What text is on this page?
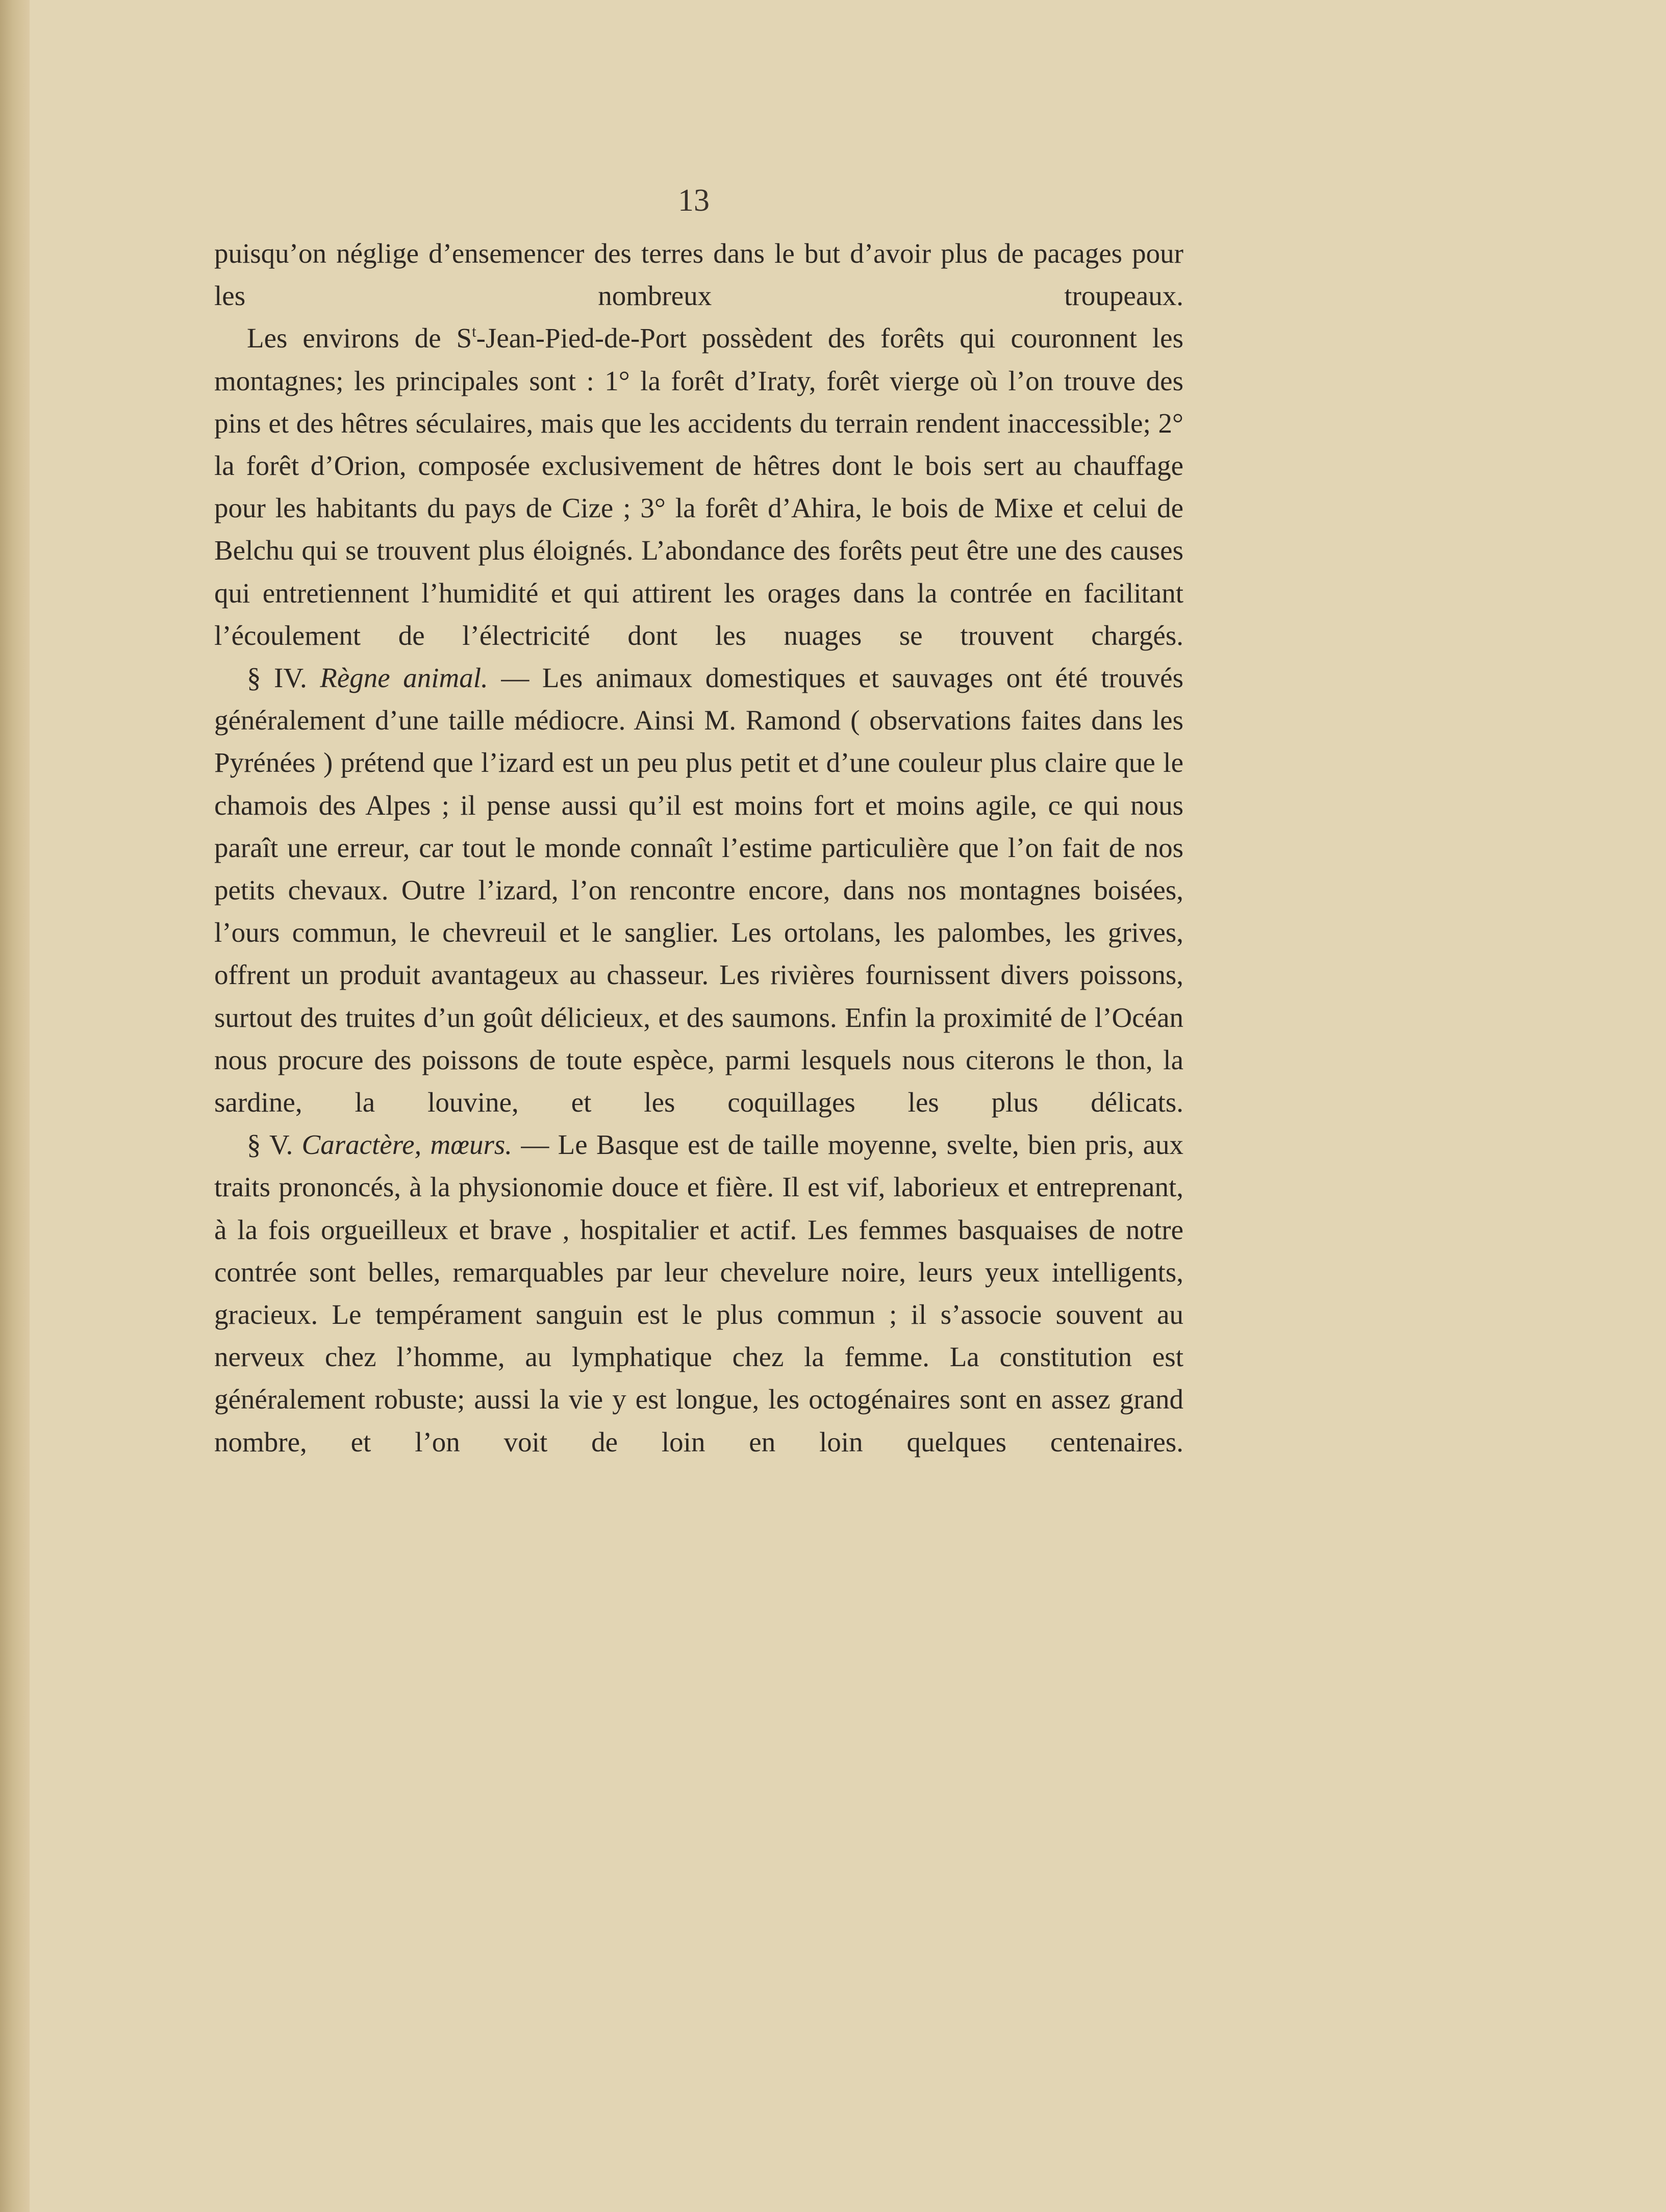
13

puisqu’on néglige d’ensemencer des terres dans le but d’avoir plus de pacages pour les nombreux troupeaux.

Les environs de $S^t-Jean-Pied-de$-Port possèdent des forêts qui couronnent les montagnes; les principales sont : 1° la forêt d’Iraty, forêt vierge où l’on trouve des pins et des hêtres séculaires, mais que les accidents du terrain rendent inaccessible; 2° la forêt d’Orion, composée exclusivement de hêtres dont le bois sert au chauffage pour les habitants du pays de Cize ; 3° la forêt d’Ahira, le bois de Mixe et celui de Belchu qui se trouvent plus éloignés. L’abondance des forêts peut être une des causes qui entretiennent l’humidité et qui attirent les orages dans la contrée en facilitant l’écoulement de l’électricité dont les nuages se trouvent chargés.

§ IV. Règne animal. — Les animaux domestiques et sauvages ont été trouvés généralement d’une taille médiocre. Ainsi M. Ramond ( observations faites dans les Pyrénées ) prétend que l’izard est un peu plus petit et d’une couleur plus claire que le chamois des Alpes ; il pense aussi qu’il est moins fort et moins agile, ce qui nous paraît une erreur, car tout le monde connaît l’estime particulière que l’on fait de nos petits chevaux. Outre l’izard, l’on rencontre encore, dans nos montagnes boisées, l’ours commun, le chevreuil et le sanglier. Les ortolans, les palombes, les grives, offrent un produit avantageux au chasseur. Les rivières fournissent divers poissons, surtout des truites d’un goût délicieux, et des saumons. Enfin la proximité de l’Océan nous procure des poissons de toute espèce, parmi lesquels nous citerons le thon, la sardine, la louvine, et les coquillages les plus délicats.

§ V. Caractère, mœurs. — Le Basque est de taille moyenne, svelte, bien pris, aux traits prononcés, à la physionomie douce et fière. Il est vif, laborieux et entreprenant, à la fois orgueilleux et brave , hospitalier et actif. Les femmes basquaises de notre contrée sont belles, remarquables par leur chevelure noire, leurs yeux intelligents, gracieux. Le tempérament sanguin est le plus commun ; il s’associe souvent au nerveux chez l’homme, au lymphatique chez la femme. La constitution est généralement robuste; aussi la vie y est longue, les octogénaires sont en assez grand nombre, et l’on voit de loin en loin quelques centenaires.
